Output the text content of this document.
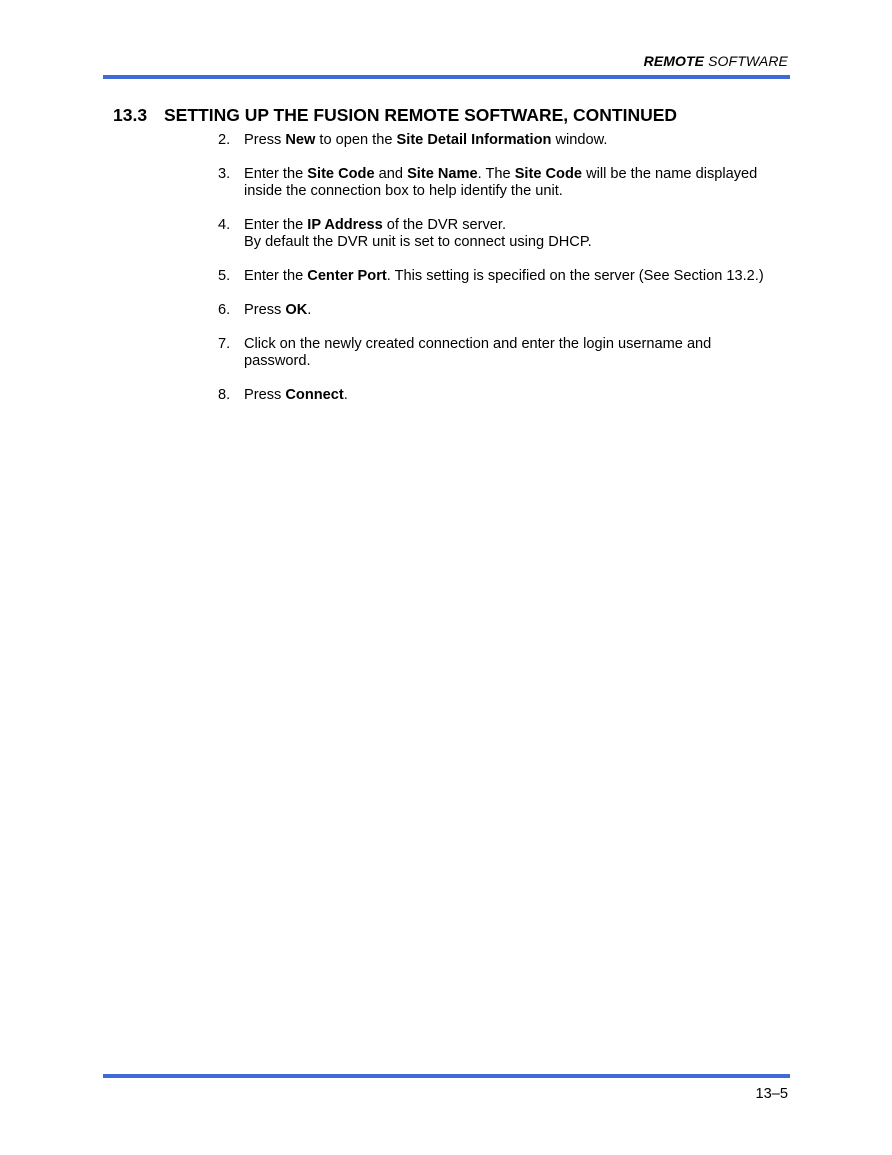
REMOTE SOFTWARE
13.3 SETTING UP THE FUSION REMOTE SOFTWARE, CONTINUED
2. Press New to open the Site Detail Information window.
3. Enter the Site Code and Site Name. The Site Code will be the name displayed inside the connection box to help identify the unit.
4. Enter the IP Address of the DVR server.
By default the DVR unit is set to connect using DHCP.
5. Enter the Center Port. This setting is specified on the server (See Section 13.2.)
6. Press OK.
7. Click on the newly created connection and enter the login username and password.
8. Press Connect.
13–5
